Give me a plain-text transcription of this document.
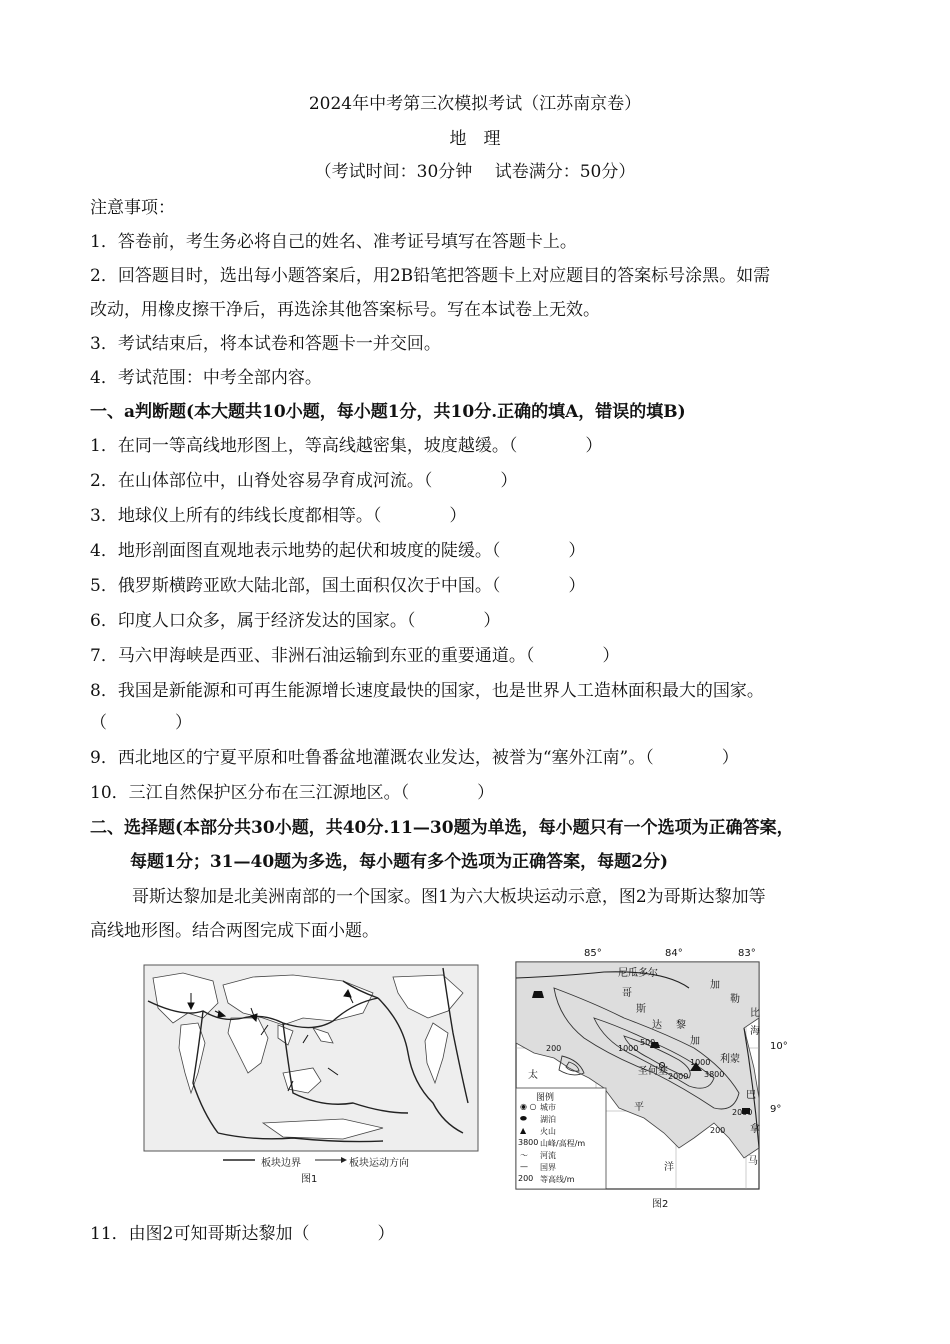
2024年中考第三次模拟考试（江苏南京卷）
地　理
（考试时间：30分钟　 试卷满分：50分）
注意事项：
1．答卷前，考生务必将自己的姓名、准考证号填写在答题卡上。
2．回答题目时，选出每小题答案后，用2B铅笔把答题卡上对应题目的答案标号涂黑。如需
改动，用橡皮擦干净后，再选涂其他答案标号。写在本试卷上无效。
3．考试结束后，将本试卷和答题卡一并交回。
4．考试范围：中考全部内容。
一、a判断题(本大题共10小题，每小题1分，共10分.正确的填A，错误的填B)
1．在同一等高线地形图上，等高线越密集，坡度越缓。（　　　　）
2．在山体部位中，山脊处容易孕育成河流。（　　　　）
3．地球仪上所有的纬线长度都相等。（　　　　）
4．地形剖面图直观地表示地势的起伏和坡度的陡缓。（　　　　）
5．俄罗斯横跨亚欧大陆北部，国土面积仅次于中国。（　　　　）
6．印度人口众多，属于经济发达的国家。（　　　　）
7．马六甲海峡是西亚、非洲石油运输到东亚的重要通道。（　　　　）
8．我国是新能源和可再生能源增长速度最快的国家，也是世界人工造林面积最大的国家。
（　　　　）
9．西北地区的宁夏平原和吐鲁番盆地灌溉农业发达，被誉为“塞外江南”。（　　　　）
10．三江自然保护区分布在三江源地区。（　　　　）
二、选择题(本部分共30小题，共40分.11—30题为单选，每小题只有一个选项为正确答案，
每题1分；31—40题为多选，每小题有多个选项为正确答案，每题2分)
哥斯达黎加是北美洲南部的一个国家。图1为六大板块运动示意，图2为哥斯达黎加等
高线地形图。结合两图完成下面小题。
板块边界	板块运动方向
图1
85°	84°	83°
10°
9°
尼瓜多尔
哥
斯
达 黎
加
圣何塞
太
平
洋
加
勒
比
海
利蒙
巴
拿
马
200
500
1000
1000
2000 3800
200
2000
图例
◉ ○ 城市
⬬ 湖泊
▲ 火山
3800 山峰/高程/m
～ 河流
— 国界
200 等高线/m
图2
11．由图2可知哥斯达黎加（　　　　）
